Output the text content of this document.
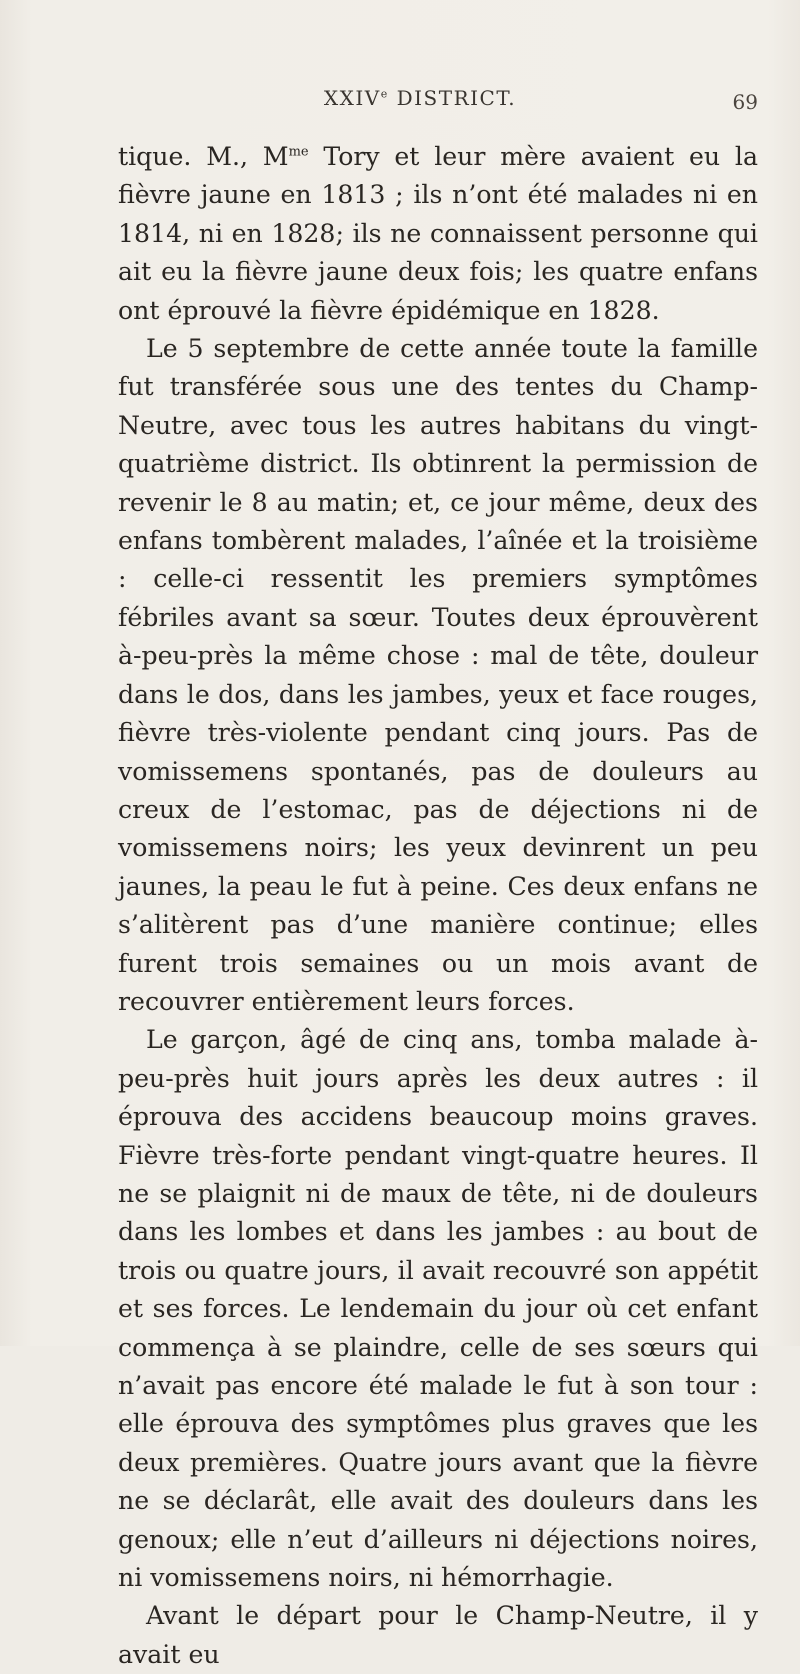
XXIVe DISTRICT.	69

tique. M., $M^{me}$ Tory et leur mère avaient eu la fièvre jaune en 1813 ; ils n’ont été malades ni en 1814, ni en 1828; ils ne connaissent personne qui ait eu la fièvre jaune deux fois; les quatre enfans ont éprouvé la fièvre épidémique en 1828.

Le 5 septembre de cette année toute la famille fut transférée sous une des tentes du Champ-Neutre, avec tous les autres habitans du vingt-quatrième district. Ils obtinrent la permission de revenir le 8 au matin; et, ce jour même, deux des enfans tombèrent malades, l’aînée et la troisième : celle-ci ressentit les premiers symptômes fébriles avant sa sœur. Toutes deux éprouvèrent à-peu-près la même chose : mal de tête, douleur dans le dos, dans les jambes, yeux et face rouges, fièvre très-violente pendant cinq jours. Pas de vomissemens spontanés, pas de douleurs au creux de l’estomac, pas de déjections ni de vomissemens noirs; les yeux devinrent un peu jaunes, la peau le fut à peine. Ces deux enfans ne s’alitèrent pas d’une manière continue; elles furent trois semaines ou un mois avant de recouvrer entièrement leurs forces.

Le garçon, âgé de cinq ans, tomba malade à-peu-près huit jours après les deux autres : il éprouva des accidens beaucoup moins graves. Fièvre très-forte pendant vingt-quatre heures. Il ne se plaignit ni de maux de tête, ni de douleurs dans les lombes et dans les jambes : au bout de trois ou quatre jours, il avait recouvré son appétit et ses forces. Le lendemain du jour où cet enfant commença à se plaindre, celle de ses sœurs qui n’avait pas encore été malade le fut à son tour : elle éprouva des symptômes plus graves que les deux premières. Quatre jours avant que la fièvre ne se déclarât, elle avait des douleurs dans les genoux; elle n’eut d’ailleurs ni déjections noires, ni vomissemens noirs, ni hémorrhagie.

Avant le départ pour le Champ-Neutre, il y avait eu
